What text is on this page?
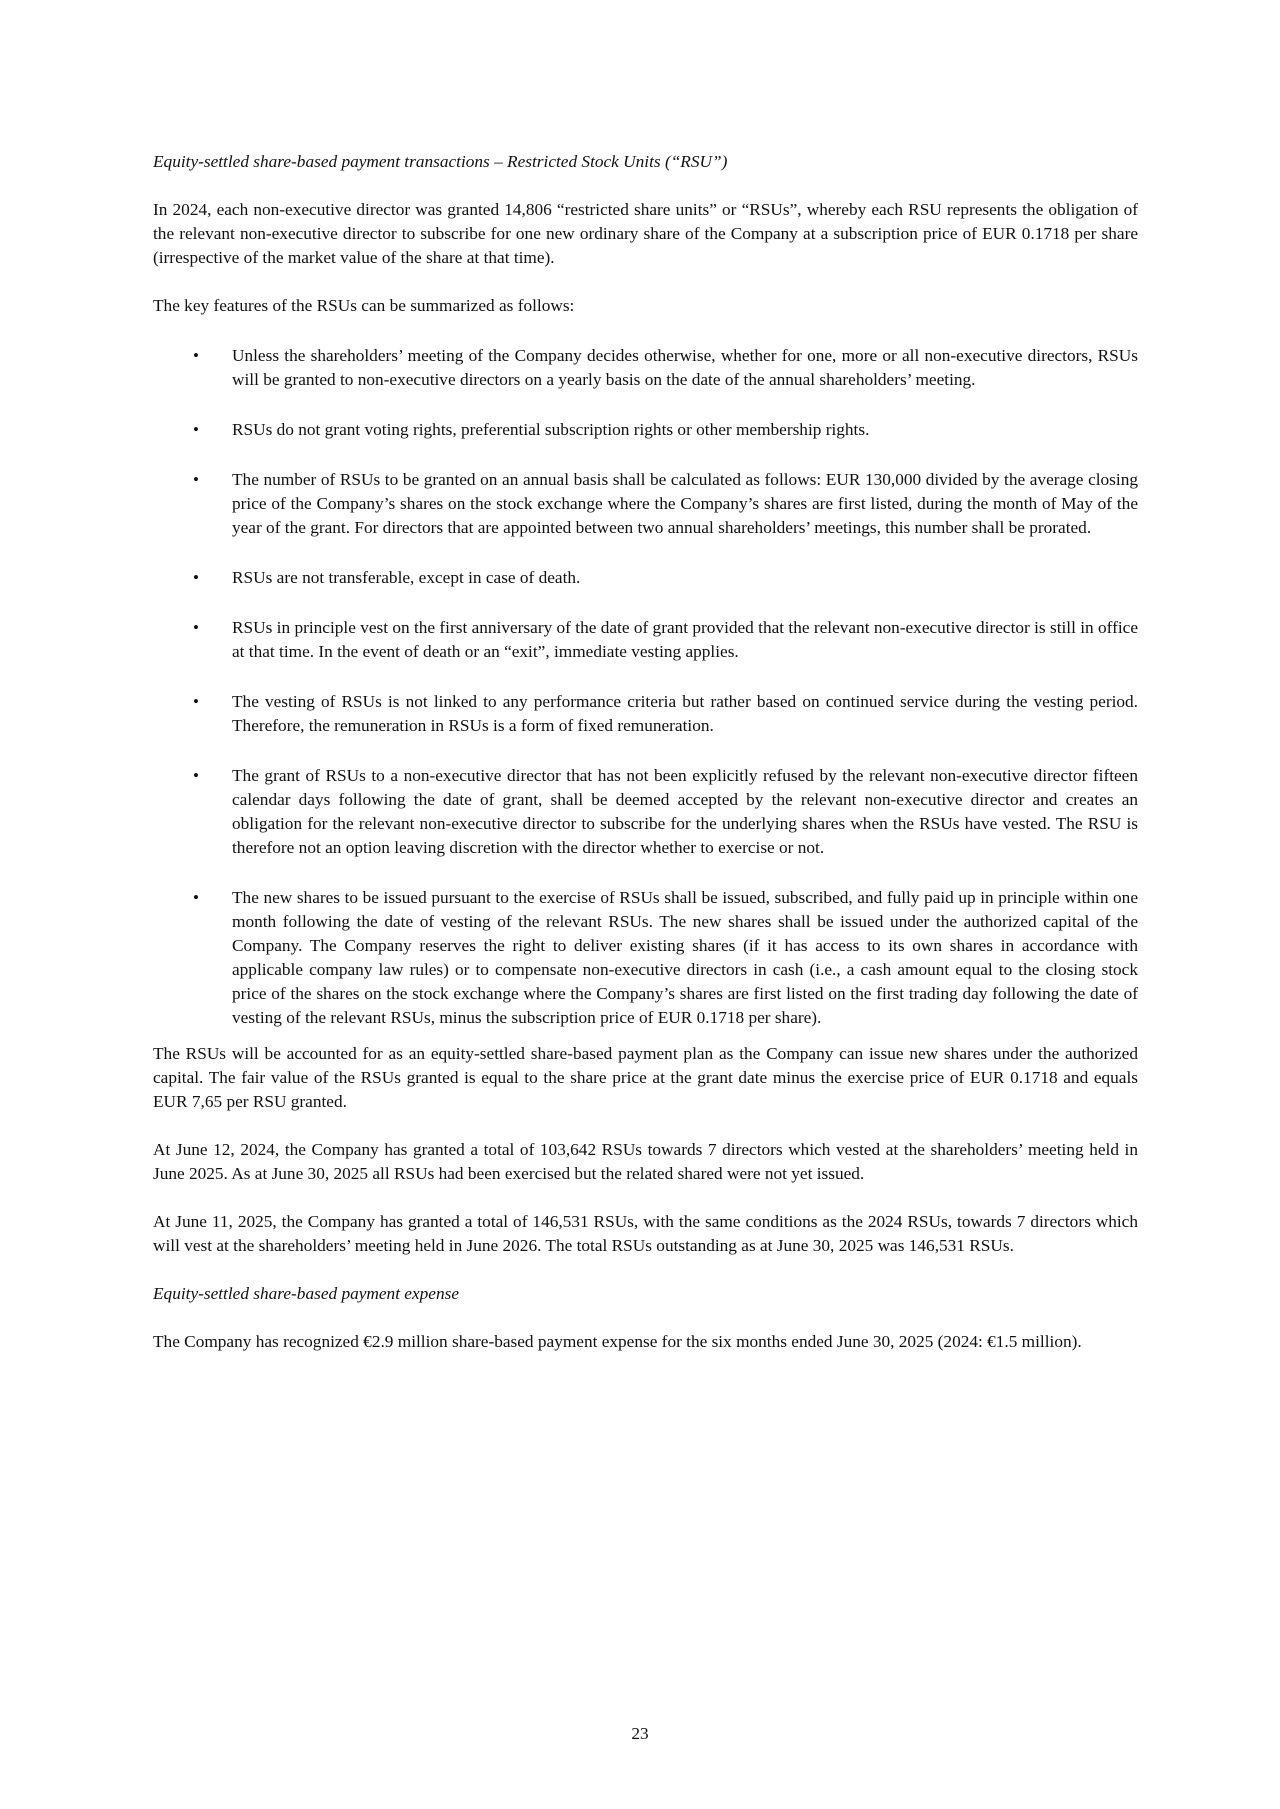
Equity-settled share-based payment transactions – Restricted Stock Units (“RSU”)

In 2024, each non-executive director was granted 14,806 “restricted share units” or “RSUs”, whereby each RSU represents the obligation of the relevant non-executive director to subscribe for one new ordinary share of the Company at a subscription price of EUR 0.1718 per share (irrespective of the market value of the share at that time).

The key features of the RSUs can be summarized as follows:

• Unless the shareholders’ meeting of the Company decides otherwise, whether for one, more or all non-executive directors, RSUs will be granted to non-executive directors on a yearly basis on the date of the annual shareholders’ meeting.
• RSUs do not grant voting rights, preferential subscription rights or other membership rights.
• The number of RSUs to be granted on an annual basis shall be calculated as follows: EUR 130,000 divided by the average closing price of the Company’s shares on the stock exchange where the Company’s shares are first listed, during the month of May of the year of the grant. For directors that are appointed between two annual shareholders’ meetings, this number shall be prorated.
• RSUs are not transferable, except in case of death.
• RSUs in principle vest on the first anniversary of the date of grant provided that the relevant non-executive director is still in office at that time. In the event of death or an “exit”, immediate vesting applies.
• The vesting of RSUs is not linked to any performance criteria but rather based on continued service during the vesting period. Therefore, the remuneration in RSUs is a form of fixed remuneration.
• The grant of RSUs to a non-executive director that has not been explicitly refused by the relevant non-executive director fifteen calendar days following the date of grant, shall be deemed accepted by the relevant non-executive director and creates an obligation for the relevant non-executive director to subscribe for the underlying shares when the RSUs have vested. The RSU is therefore not an option leaving discretion with the director whether to exercise or not.
• The new shares to be issued pursuant to the exercise of RSUs shall be issued, subscribed, and fully paid up in principle within one month following the date of vesting of the relevant RSUs. The new shares shall be issued under the authorized capital of the Company. The Company reserves the right to deliver existing shares (if it has access to its own shares in accordance with applicable company law rules) or to compensate non-executive directors in cash (i.e., a cash amount equal to the closing stock price of the shares on the stock exchange where the Company’s shares are first listed on the first trading day following the date of vesting of the relevant RSUs, minus the subscription price of EUR 0.1718 per share).

The RSUs will be accounted for as an equity-settled share-based payment plan as the Company can issue new shares under the authorized capital. The fair value of the RSUs granted is equal to the share price at the grant date minus the exercise price of EUR 0.1718 and equals EUR 7,65 per RSU granted.

At June 12, 2024, the Company has granted a total of 103,642 RSUs towards 7 directors which vested at the shareholders’ meeting held in June 2025. As at June 30, 2025 all RSUs had been exercised but the related shared were not yet issued.

At June 11, 2025, the Company has granted a total of 146,531 RSUs, with the same conditions as the 2024 RSUs, towards 7 directors which will vest at the shareholders’ meeting held in June 2026. The total RSUs outstanding as at June 30, 2025 was 146,531 RSUs.

Equity-settled share-based payment expense

The Company has recognized €2.9 million share-based payment expense for the six months ended June 30, 2025 (2024: €1.5 million).

23
